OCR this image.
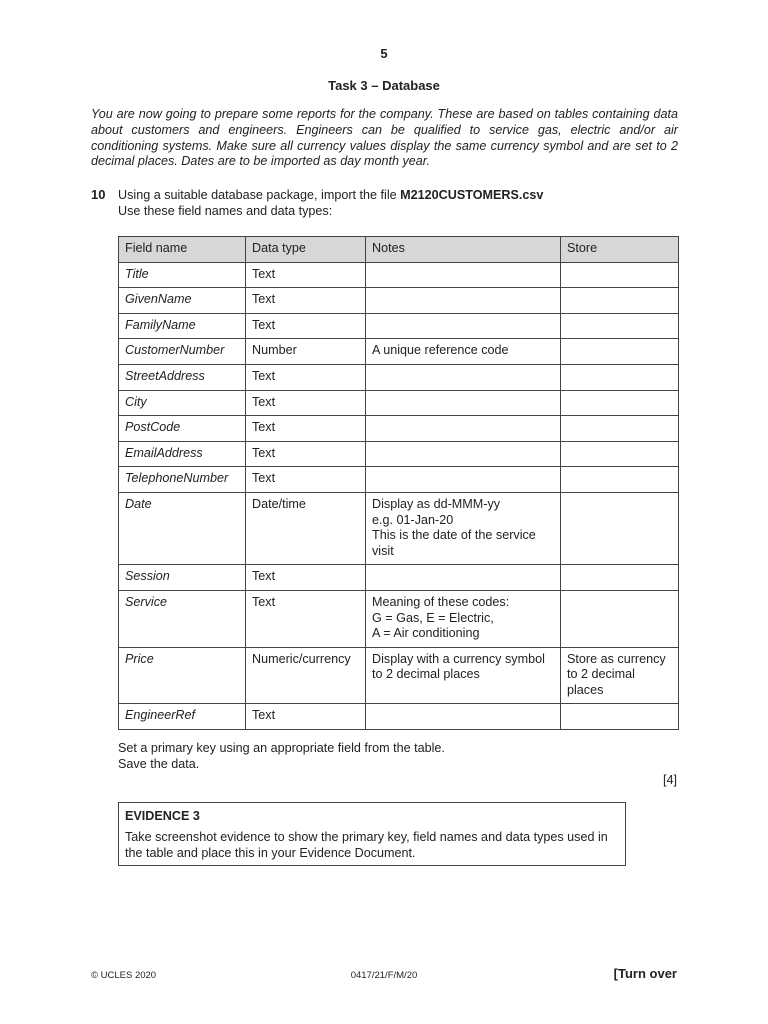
5
Task 3 – Database

You are now going to prepare some reports for the company. These are based on tables containing data about customers and engineers. Engineers can be qualified to service gas, electric and/or air conditioning systems. Make sure all currency values display the same currency symbol and are set to 2 decimal places. Dates are to be imported as day month year.

10 Using a suitable database package, import the file M2120CUSTOMERS.csv
Use these field names and data types:
Field name	Data type	Notes	Store
Title	Text		
GivenName	Text		
FamilyName	Text		
CustomerNumber	Number	A unique reference code	
StreetAddress	Text		
City	Text		
PostCode	Text		
EmailAddress	Text		
TelephoneNumber	Text		
Date	Date/time	Display as dd-MMM-yy
e.g. 01-Jan-20
This is the date of the service
visit	
Session	Text		
Service	Text	Meaning of these codes:
G = Gas, E = Electric,
A = Air conditioning	
Price	Numeric/currency	Display with a currency symbol
to 2 decimal places	Store as currency
to 2 decimal
places
EngineerRef	Text		
Set a primary key using an appropriate field from the table.
Save the data.
[4]
EVIDENCE 3
Take screenshot evidence to show the primary key, field names and data types used in the table and place this in your Evidence Document.
© UCLES 2020	0417/21/F/M/20	[Turn over
